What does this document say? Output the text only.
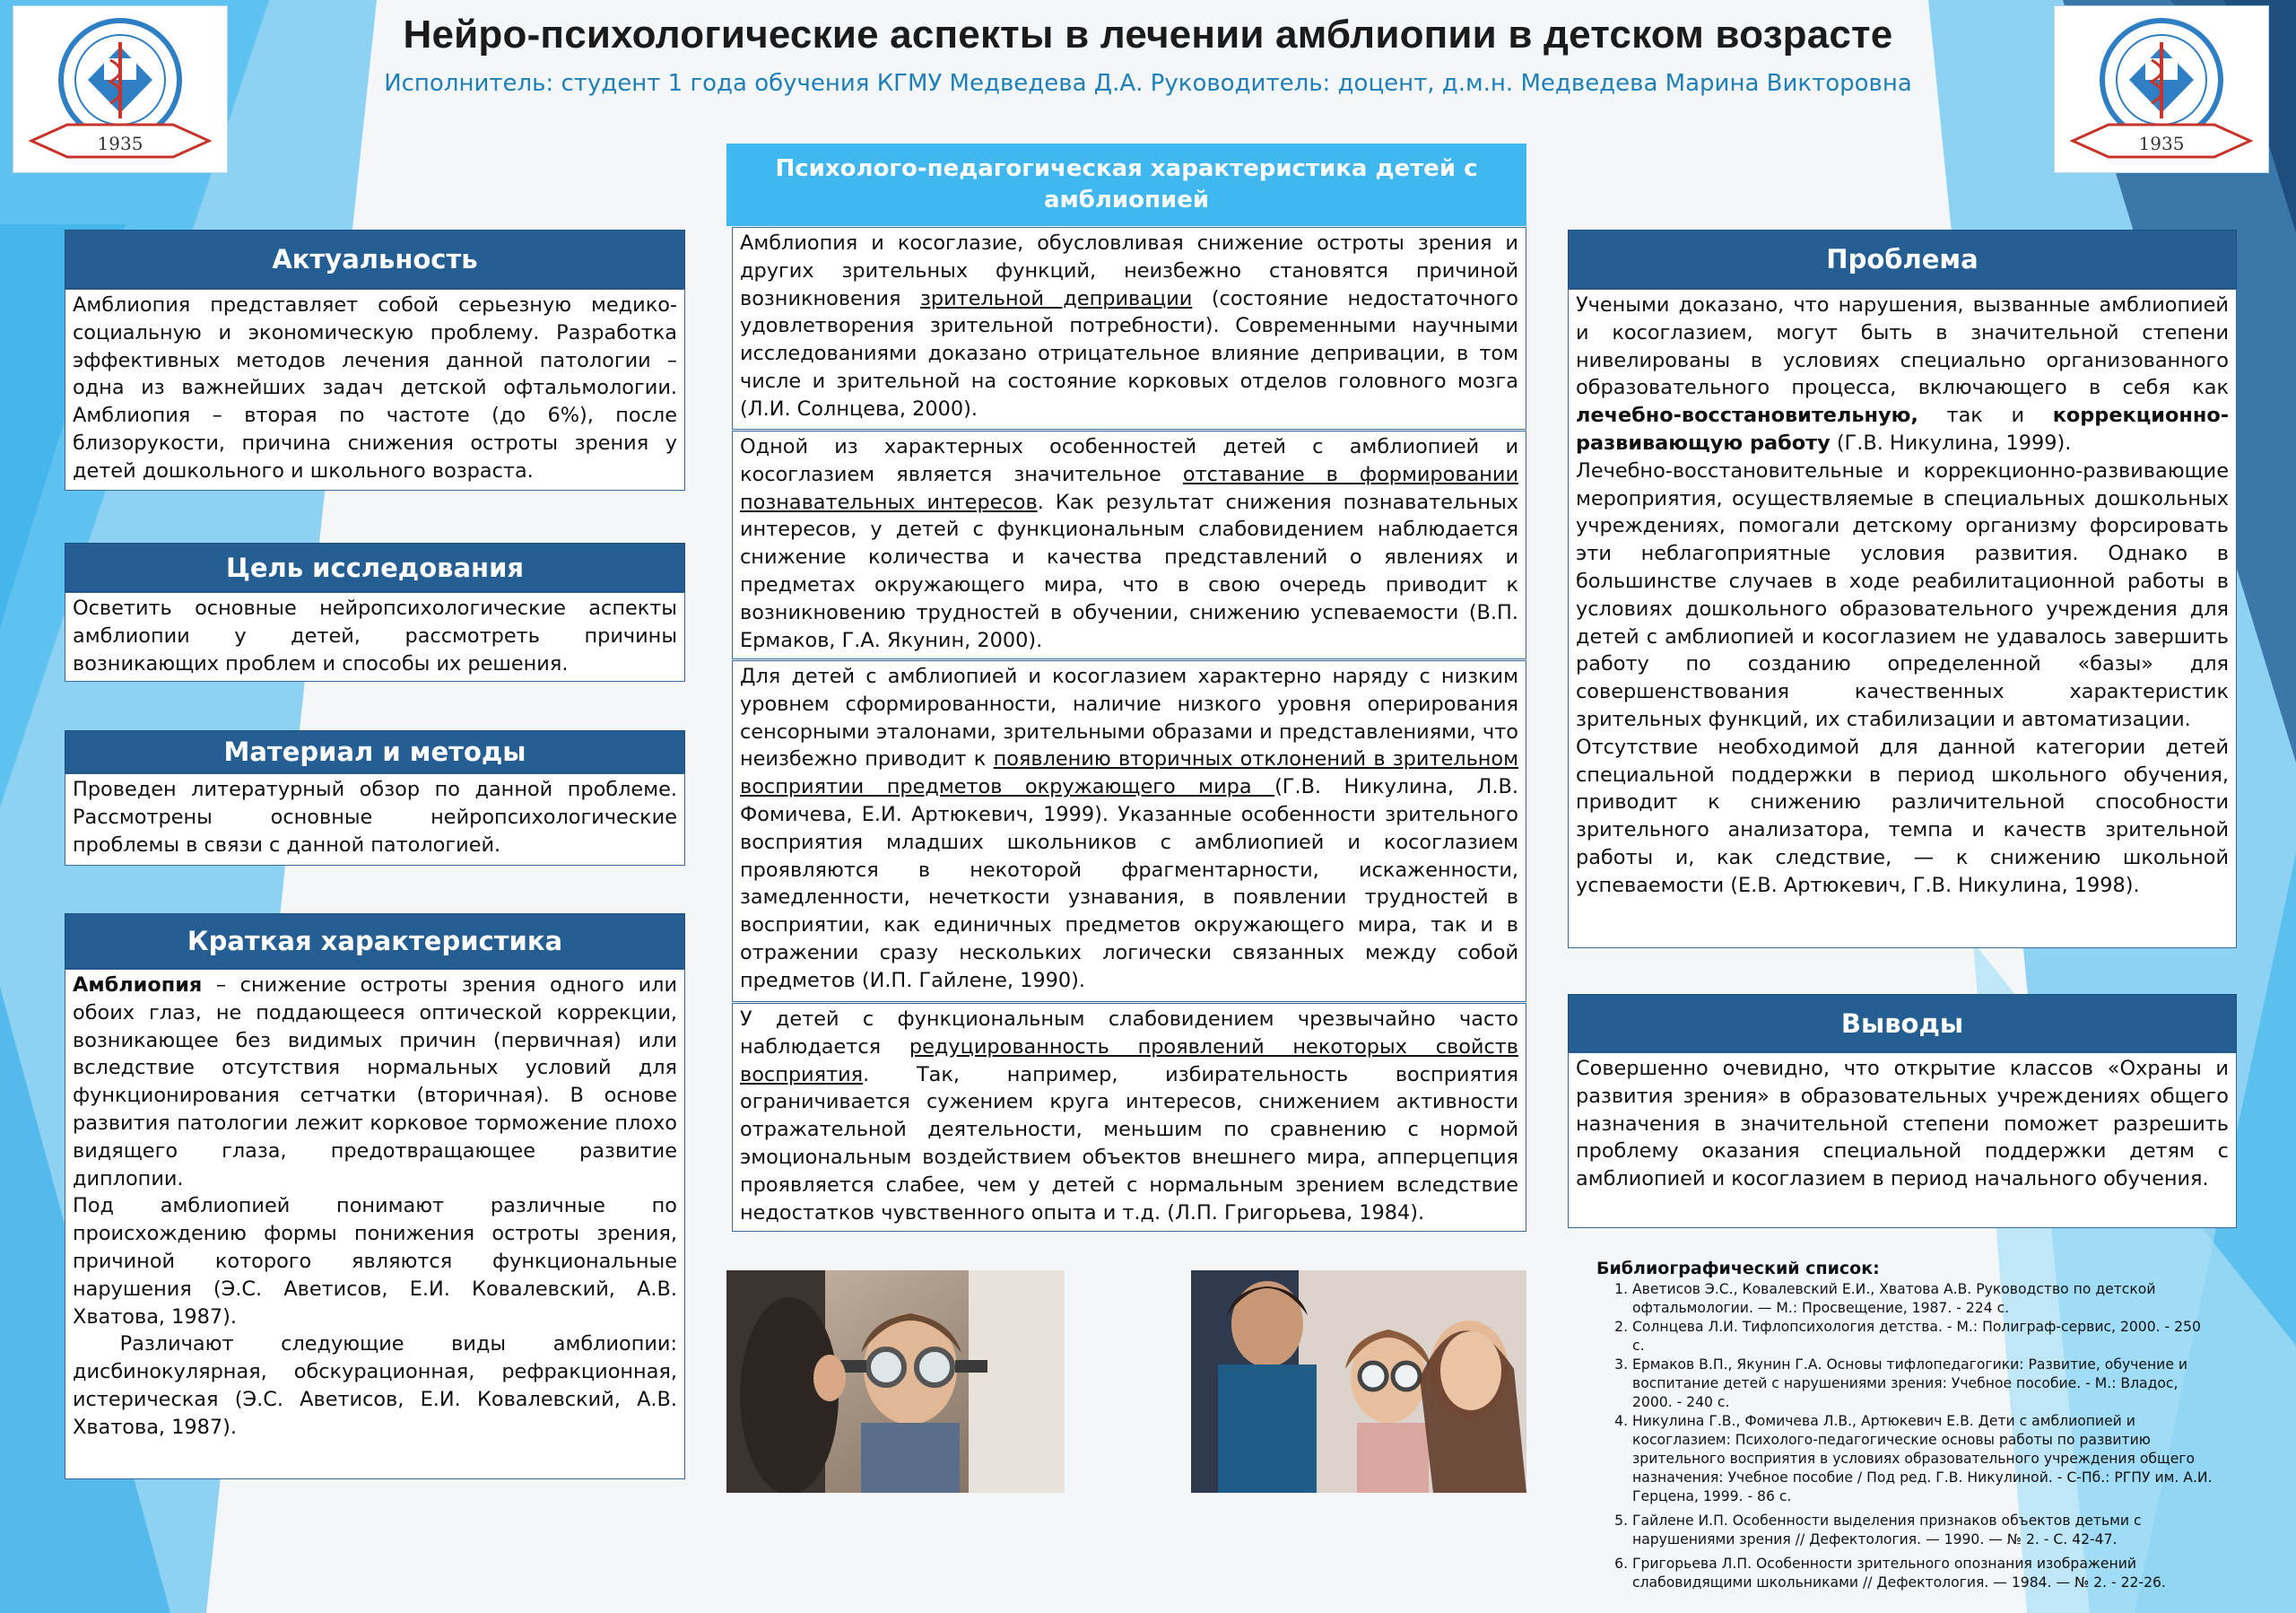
Нейро-психологические аспекты в лечении амблиопии в детском возрасте

Исполнитель: студент 1 года обучения КГМУ Медведева Д.А. Руководитель: доцент, д.м.н. Медведева Марина Викторовна

1935	1935
Актуальность

Амблиопия представляет собой серьезную медико-социальную и экономическую проблему. Разработка эффективных методов лечения данной патологии – одна из важнейших задач детской офтальмологии. Амблиопия – вторая по частоте (до 6%), после близорукости, причина снижения остроты зрения у детей дошкольного и школьного возраста.

Цель исследования

Осветить основные нейропсихологические аспекты амблиопии у детей, рассмотреть причины возникающих проблем и способы их решения.

Материал и методы

Проведен литературный обзор по данной проблеме. Рассмотрены основные нейропсихологические проблемы в связи с данной патологией.

Краткая характеристика

Амблиопия – снижение остроты зрения одного или обоих глаз, не поддающееся оптической коррекции, возникающее без видимых причин (первичная) или вследствие отсутствия нормальных условий для функционирования сетчатки (вторичная). В основе развития патологии лежит корковое торможение плохо видящего глаза, предотвращающее развитие диплопии.

Под амблиопией понимают различные по происхождению формы понижения остроты зрения, причиной которого являются функциональные нарушения (Э.С. Аветисов, Е.И. Ковалевский, А.В. Хватова, 1987).

Различают следующие виды амблиопии: дисбинокулярная, обскурационная, рефракционная, истерическая (Э.С. Аветисов, Е.И. Ковалевский, А.В. Хватова, 1987).

Психолого-педагогическая характеристика детей с амблиопией

Амблиопия и косоглазие, обусловливая снижение остроты зрения и других зрительных функций, неизбежно становятся причиной возникновения зрительной депривации (состояние недостаточного удовлетворения зрительной потребности). Современными научными исследованиями доказано отрицательное влияние депривации, в том числе и зрительной на состояние корковых отделов головного мозга (Л.И. Солнцева, 2000).

Одной из характерных особенностей детей с амблиопией и косоглазием является значительное отставание в формировании познавательных интересов. Как результат снижения познавательных интересов, у детей с функциональным слабовидением наблюдается снижение количества и качества представлений о явлениях и предметах окружающего мира, что в свою очередь приводит к возникновению трудностей в обучении, снижению успеваемости (В.П. Ермаков, Г.А. Якунин, 2000).

Для детей с амблиопией и косоглазием характерно наряду с низким уровнем сформированности, наличие низкого уровня оперирования сенсорными эталонами, зрительными образами и представлениями, что неизбежно приводит к появлению вторичных отклонений в зрительном восприятии предметов окружающего мира (Г.В. Никулина, Л.В. Фомичева, Е.И. Артюкевич, 1999). Указанные особенности зрительного восприятия младших школьников с амблиопией и косоглазием проявляются в некоторой фрагментарности, искаженности, замедленности, нечеткости узнавания, в появлении трудностей в восприятии, как единичных предметов окружающего мира, так и в отражении сразу нескольких логически связанных между собой предметов (И.П. Гайлене, 1990).

У детей с функциональным слабовидением чрезвычайно часто наблюдается редуцированность проявлений некоторых свойств восприятия. Так, например, избирательность восприятия ограничивается сужением круга интересов, снижением активности отражательной деятельности, меньшим по сравнению с нормой эмоциональным воздействием объектов внешнего мира, апперцепция проявляется слабее, чем у детей с нормальным зрением вследствие недостатков чувственного опыта и т.д. (Л.П. Григорьева, 1984).

Проблема

Учеными доказано, что нарушения, вызванные амблиопией и косоглазием, могут быть в значительной степени нивелированы в условиях специально организованного образовательного процесса, включающего в себя как лечебно-восстановительную, так и коррекционно-развивающую работу (Г.В. Никулина, 1999).

Лечебно-восстановительные и коррекционно-развивающие мероприятия, осуществляемые в специальных дошкольных учреждениях, помогали детскому организму форсировать эти неблагоприятные условия развития. Однако в большинстве случаев в ходе реабилитационной работы в условиях дошкольного образовательного учреждения для детей с амблиопией и косоглазием не удавалось завершить работу по созданию определенной «базы» для совершенствования качественных характеристик зрительных функций, их стабилизации и автоматизации.

Отсутствие необходимой для данной категории детей специальной поддержки в период школьного обучения, приводит к снижению различительной способности зрительного анализатора, темпа и качеств зрительной работы и, как следствие, — к снижению школьной успеваемости (Е.В. Артюкевич, Г.В. Никулина, 1998).

Выводы

Совершенно очевидно, что открытие классов «Охраны и развития зрения» в образовательных учреждениях общего назначения в значительной степени поможет разрешить проблему оказания специальной поддержки детям с амблиопией и косоглазием в период начального обучения.

Библиографический список:
1. Аветисов Э.С., Ковалевский Е.И., Хватова А.В. Руководство по детской офтальмологии. — М.: Просвещение, 1987. - 224 с.
2. Солнцева Л.И. Тифлопсихология детства. - М.: Полиграф-сервис, 2000. - 250 с.
3. Ермаков В.П., Якунин Г.А. Основы тифлопедагогики: Развитие, обучение и воспитание детей с нарушениями зрения: Учебное пособие. - М.: Владос, 2000. - 240 с.
4. Никулина Г.В., Фомичева Л.В., Артюкевич Е.В. Дети с амблиопией и косоглазием: Психолого-педагогические основы работы по развитию зрительного восприятия в условиях образовательного учреждения общего назначения: Учебное пособие / Под ред. Г.В. Никулиной. - С-Пб.: РГПУ им. А.И. Герцена, 1999. - 86 с.
5. Гайлене И.П. Особенности выделения признаков объектов детьми с нарушениями зрения // Дефектология. — 1990. — № 2. - С. 42-47.
6. Григорьева Л.П. Особенности зрительного опознания изображений слабовидящими школьниками // Дефектология. — 1984. — № 2. - 22-26.
